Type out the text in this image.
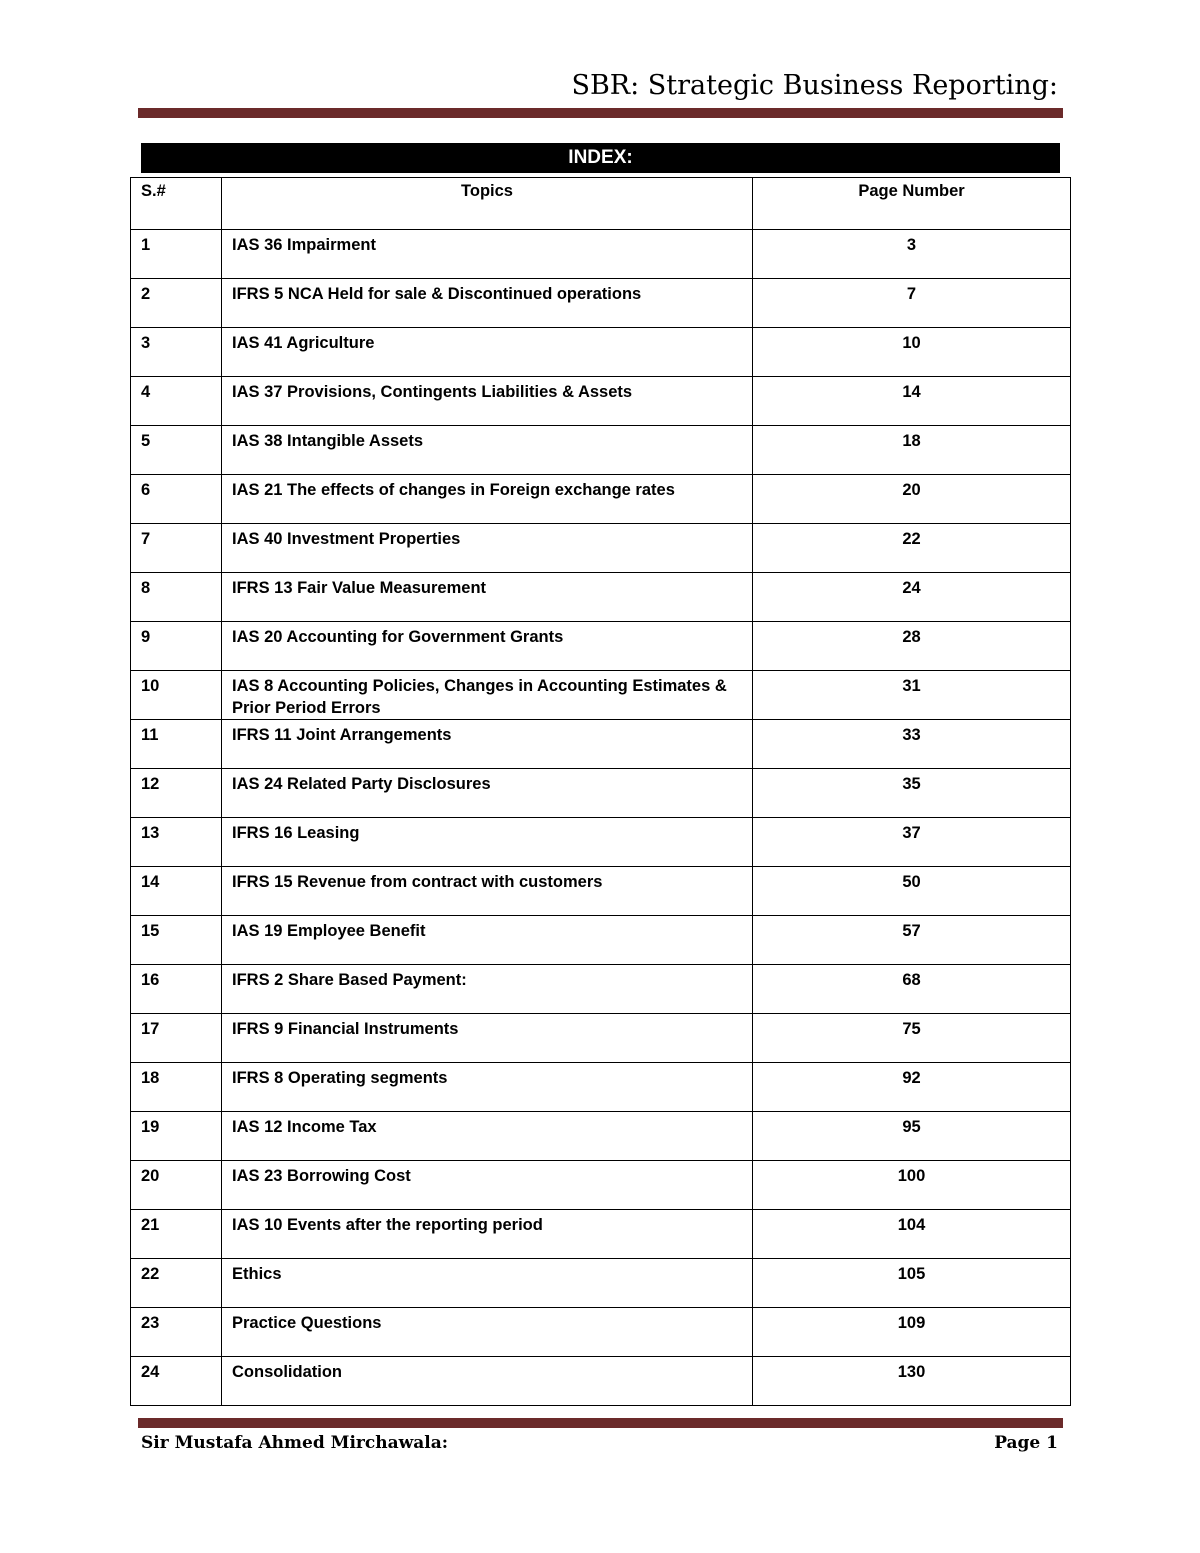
SBR: Strategic Business Reporting:
INDEX:
S.#	Topics	Page Number
1	IAS 36 Impairment	3
2	IFRS 5 NCA Held for sale & Discontinued operations	7
3	IAS 41 Agriculture	10
4	IAS 37 Provisions, Contingents Liabilities & Assets	14
5	IAS 38 Intangible Assets	18
6	IAS 21 The effects of changes in Foreign exchange rates	20
7	IAS 40 Investment Properties	22
8	IFRS 13 Fair Value Measurement	24
9	IAS 20 Accounting for Government Grants	28
10	IAS 8 Accounting Policies, Changes in Accounting Estimates & Prior Period Errors	31
11	IFRS 11 Joint Arrangements	33
12	IAS 24 Related Party Disclosures	35
13	IFRS 16 Leasing	37
14	IFRS 15 Revenue from contract with customers	50
15	IAS 19 Employee Benefit	57
16	IFRS 2 Share Based Payment:	68
17	IFRS 9 Financial Instruments	75
18	IFRS 8 Operating segments	92
19	IAS 12 Income Tax	95
20	IAS 23 Borrowing Cost	100
21	IAS 10 Events after the reporting period	104
22	Ethics	105
23	Practice Questions	109
24	Consolidation	130
Sir Mustafa Ahmed Mirchawala:	Page 1
